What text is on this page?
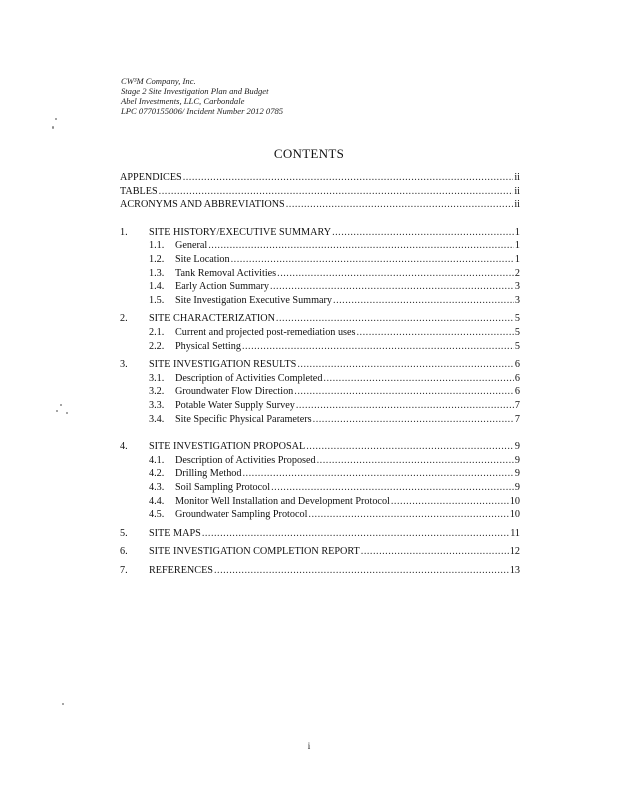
CW³M Company, Inc.
Stage 2 Site Investigation Plan and Budget
Abel Investments, LLC, Carbondale
LPC 0770155006/ Incident Number 2012 0785
CONTENTS
APPENDICES .....	ii
TABLES .....	ii
ACRONYMS AND ABBREVIATIONS .....	ii
1.	SITE HISTORY/EXECUTIVE SUMMARY .....	1
1.1.	General .....	1
1.2.	Site Location .....	1
1.3.	Tank Removal Activities .....	2
1.4.	Early Action Summary .....	3
1.5.	Site Investigation Executive Summary .....	3
2.	SITE CHARACTERIZATION .....	5
2.1.	Current and projected post-remediation uses .....	5
2.2.	Physical Setting .....	5
3.	SITE INVESTIGATION RESULTS .....	6
3.1.	Description of Activities Completed .....	6
3.2.	Groundwater Flow Direction .....	6
3.3.	Potable Water Supply Survey .....	7
3.4.	Site Specific Physical Parameters .....	7
4.	SITE INVESTIGATION PROPOSAL .....	9
4.1.	Description of Activities Proposed .....	9
4.2.	Drilling Method .....	9
4.3.	Soil Sampling Protocol .....	9
4.4.	Monitor Well Installation and Development Protocol .....	10
4.5.	Groundwater Sampling Protocol .....	10
5.	SITE MAPS .....	11
6.	SITE INVESTIGATION COMPLETION REPORT .....	12
7.	REFERENCES .....	13
i
